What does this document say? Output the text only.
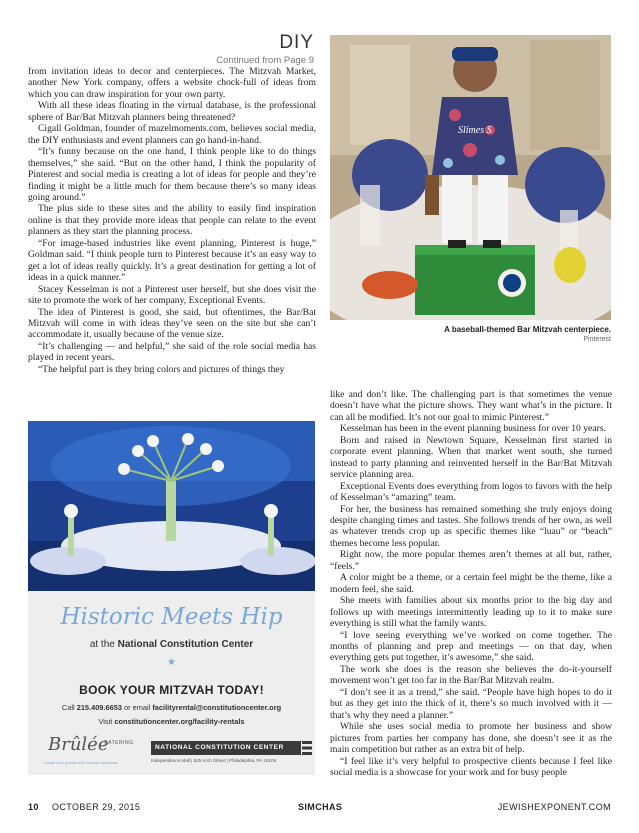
DIY
Continued from Page 9

from invitation ideas to decor and centerpieces. The Mitzvah Market, another New York company, offers a website chock-full of ideas from which you can draw inspiration for your own party.

With all these ideas floating in the virtual database, is the professional sphere of Bar/Bat Mitzvah planners being threatened?

Cigall Goldman, founder of mazelmoments.com, believes social media, the DIY enthusiasts and event planners can go hand-in-hand.

“It’s funny because on the one hand, I think people like to do things themselves,” she said. “But on the other hand, I think the popularity of Pinterest and social media is creating a lot of ideas for people and they’re finding it might be a little much for them because there’s so many ideas going around.”

The plus side to these sites and the ability to easily find inspiration online is that they provide more ideas that people can relate to the event planners as they start the planning process.

“For image-based industries like event planning, Pinterest is huge,” Goldman said. “I think people turn to Pinterest because it’s an easy way to get a lot of ideas really quickly. It’s a great destination for getting a lot of ideas in a quick manner.”

Stacey Kesselman is not a Pinterest user herself, but she does visit the site to promote the work of her company, Exceptional Events.

The idea of Pinterest is good, she said, but oftentimes, the Bar/Bat Mitzvah will come in with ideas they’ve seen on the site but she can’t accommodate it, usually because of the venue size.

“It’s challenging — and helpful,” she said of the role social media has played in recent years.

“The helpful part is they bring colors and pictures of things they

Slimes S
A baseball-themed Bar Mitzvah centerpiece.
Pinterest

like and don’t like. The challenging part is that sometimes the venue doesn’t have what the picture shows. They want what’s in the picture. It can all be modified. It’s not our goal to mimic Pinterest.”

Kesselman has been in the event planning business for over 10 years.

Born and raised in Newtown Square, Kesselman first started in corporate event planning. When that market went south, she turned instead to party planning and reinvented herself in the Bar/Bat Mitzvah service planning area.

Exceptional Events does everything from logos to favors with the help of Kesselman’s “amazing” team.

For her, the business has remained something she truly enjoys doing despite changing times and tastes. She follows trends of her own, as well as whatever trends crop up as specific themes like “luau” or “beach” themes become less popular.

Right now, the more popular themes aren’t themes at all but, rather, “feels.”

A color might be a theme, or a certain feel might be the theme, like a modern feel, she said.

She meets with families about six months prior to the big day and follows up with meetings intermittently leading up to it to make sure everything is still what the family wants.

“I love seeing everything we’ve worked on come together. The months of planning and prep and meetings — on that day, when everything gets put together, it’s awesome,” she said.

The work she does is the reason she believes the do-it-yourself movement won’t get too far in the Bar/Bat Mitzvah realm.

“I don’t see it as a trend,” she said. “People have high hopes to do it but as they get into the thick of it, there’s so much involved with it — that’s why they need a planner.”

While she uses social media to promote her business and show pictures from parties her company has done, she doesn’t see it as the main competition but rather as an extra bit of help.

“I feel like it’s very helpful to prospective clients because I feel like social media is a showcase for your work and for busy people

Historic Meets Hip
at the National Constitution Center
★
BOOK YOUR MITZVAH TODAY!
Call 215.409.6653 or email facilityrental@constitutioncenter.org
Visit constitutioncenter.org/facility-rentals
Brûlée
CATERING
create your guests with cultural occasions
NATIONAL CONSTITUTION CENTER
Independence Mall | 525 Arch Street | Philadelphia, PA 19106
10 OCTOBER 29, 2015	SIMCHAS	JEWISHEXPONENT.COM
